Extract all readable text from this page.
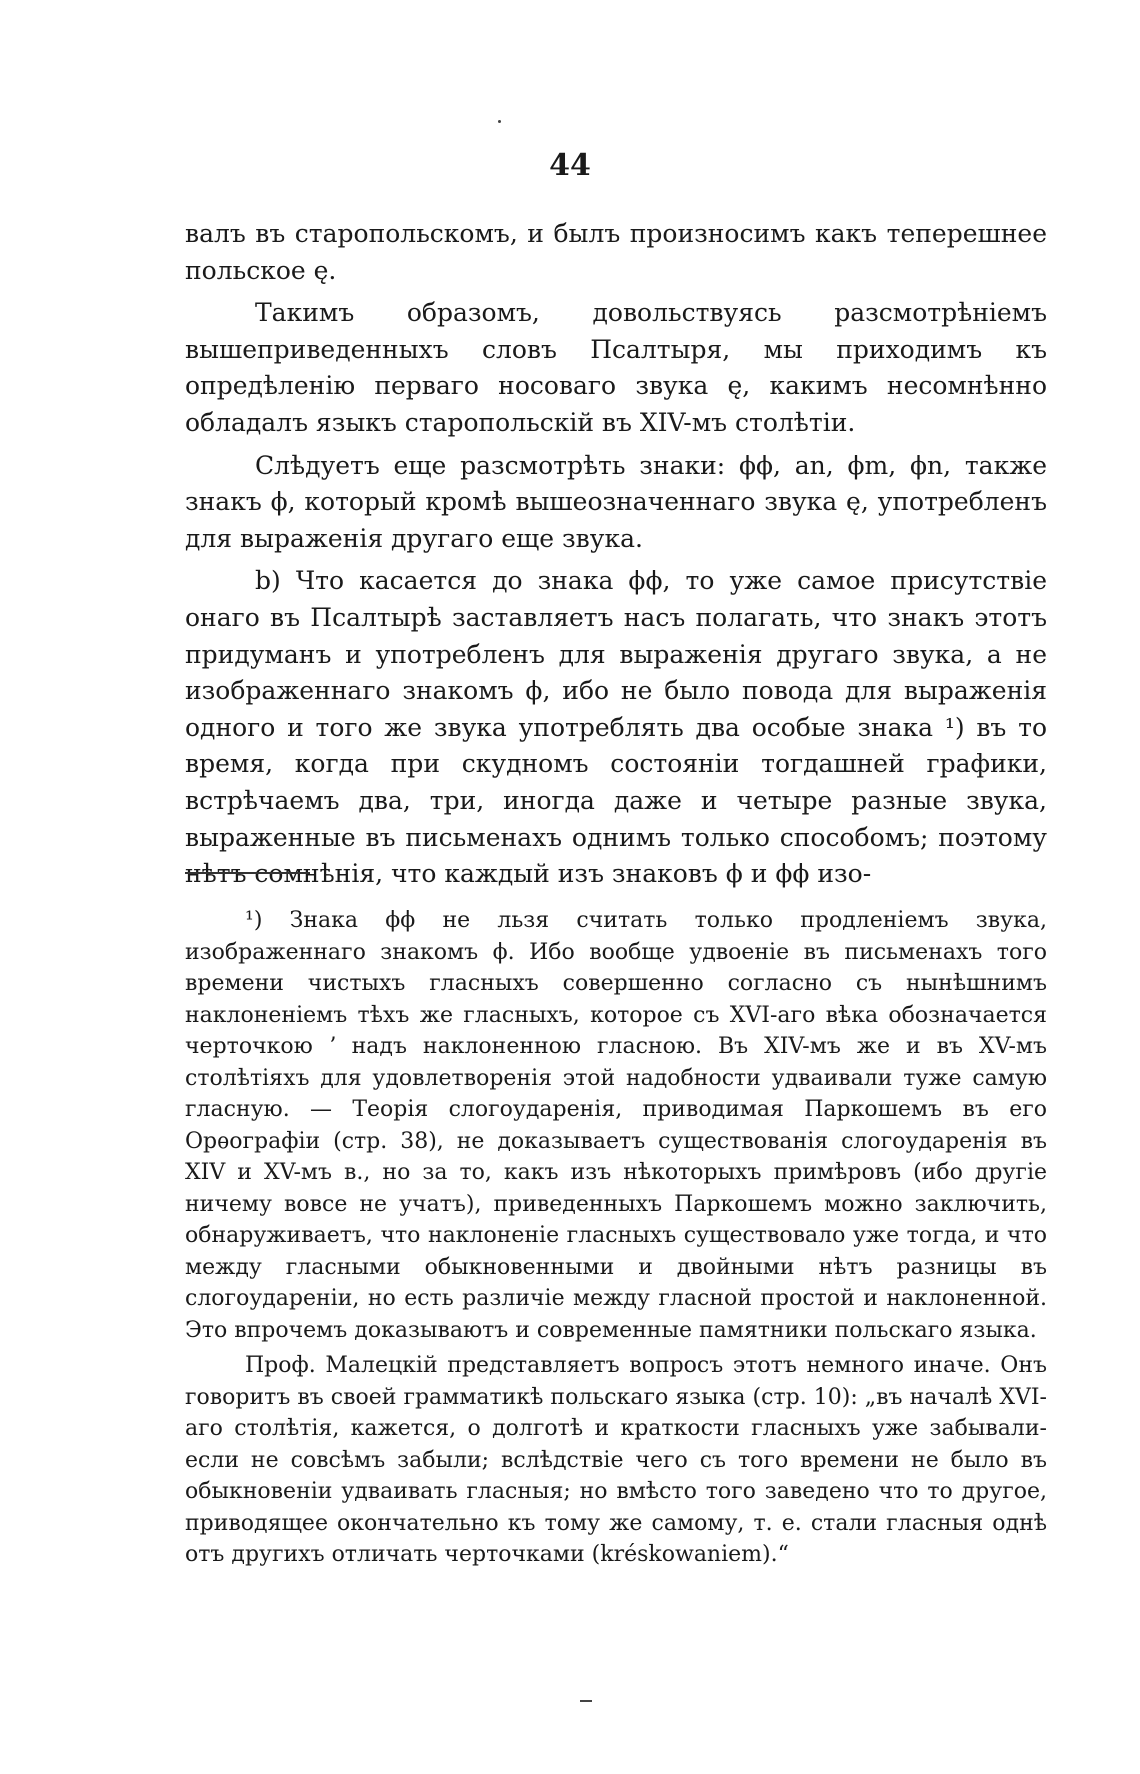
44

валъ въ старопольскомъ, и былъ произносимъ какъ теперешнее польское ę.

Такимъ образомъ, довольствуясь разсмотрѣніемъ вышеприведенныхъ словъ Псалтыря, мы приходимъ къ опредѣленію перваго носоваго звука ę, какимъ несомнѣнно обладалъ языкъ старопольскій въ XIV-мъ столѣтіи.

Слѣдуетъ еще разсмотрѣть знаки: ϕϕ, an, ϕm, ϕn, также знакъ ϕ, который кромѣ вышеозначеннаго звука ę, употребленъ для выраженія другаго еще звука.

b) Что касается до знака ϕϕ, то уже самое присутствіе онаго въ Псалтырѣ заставляетъ насъ полагать, что знакъ этотъ придуманъ и употребленъ для выраженія другаго звука, а не изображеннаго знакомъ ϕ, ибо не было повода для выраженія одного и того же звука употреблять два особые знака ¹) въ то время, когда при скудномъ состояніи тогдашней графики, встрѣчаемъ два, три, иногда даже и четыре разные звука, выраженные въ письменахъ однимъ только способомъ; поэтому нѣтъ сомнѣнія, что каждый изъ знаковъ ϕ и ϕϕ изо-

¹) Знака ϕϕ не льзя считать только продленіемъ звука, изображеннаго знакомъ ϕ. Ибо вообще удвоеніе въ письменахъ того времени чистыхъ гласныхъ совершенно согласно съ нынѣшнимъ наклоненіемъ тѣхъ же гласныхъ, которое съ XVI-аго вѣка обозначается черточкою ʼ надъ наклоненною гласною. Въ XIV-мъ же и въ XV-мъ столѣтіяхъ для удовлетворенія этой надобности удваивали туже самую гласную. — Теорія слогоударенія, приводимая Паркошемъ въ его Орѳографіи (стр. 38), не доказываетъ существованія слогоударенія въ XIV и XV-мъ в., но за то, какъ изъ нѣкоторыхъ примѣровъ (ибо другіе ничему вовсе не учатъ), приведенныхъ Паркошемъ можно заключить, обнаруживаетъ, что наклоненіе гласныхъ существовало уже тогда, и что между гласными обыкновенными и двойными нѣтъ разницы въ слогоудареніи, но есть различіе между гласной простой и наклоненной. Это впрочемъ доказываютъ и современные памятники польскаго языка.

Проф. Малецкій представляетъ вопросъ этотъ немного иначе. Онъ говоритъ въ своей грамматикѣ польскаго языка (стр. 10): „въ началѣ XVI-аго столѣтія, кажется, о долготѣ и краткости гласныхъ уже забывали-если не совсѣмъ забыли; вслѣдствіе чего съ того времени не было въ обыкновеніи удваивать гласныя; но вмѣсто того заведено что то другое, приводящее окончательно къ тому же самому, т. е. стали гласныя однѣ отъ другихъ отличать черточками (kréskowaniem).“
